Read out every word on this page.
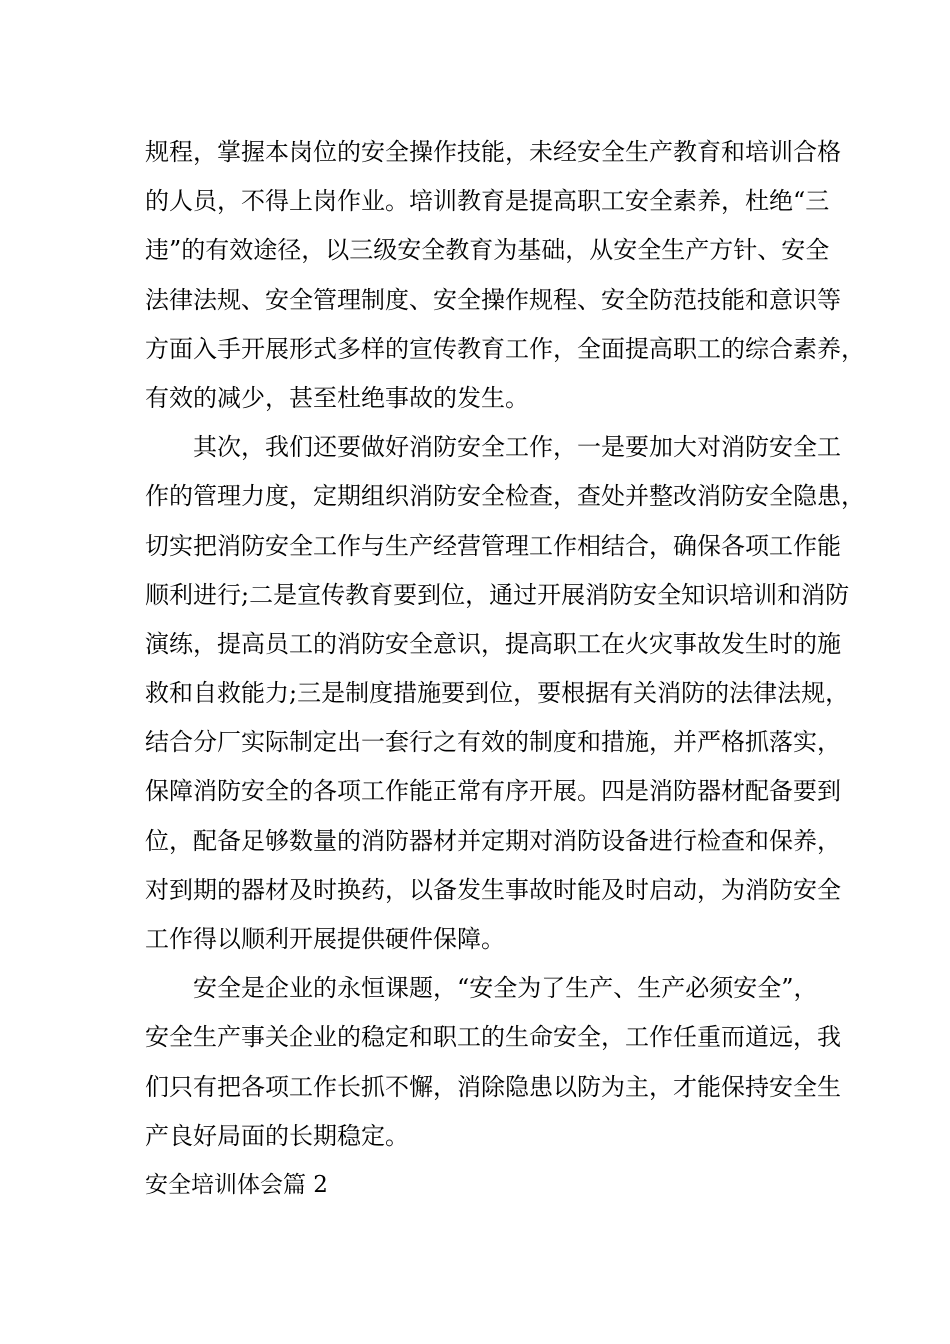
规程，掌握本岗位的安全操作技能，未经安全生产教育和培训合格
的人员，不得上岗作业。培训教育是提高职工安全素养，杜绝“三
违”的有效途径，以三级安全教育为基础，从安全生产方针、安全
法律法规、安全管理制度、安全操作规程、安全防范技能和意识等
方面入手开展形式多样的宣传教育工作，全面提高职工的综合素养，
有效的减少，甚至杜绝事故的发生。
其次，我们还要做好消防安全工作，一是要加大对消防安全工
作的管理力度，定期组织消防安全检查，查处并整改消防安全隐患，
切实把消防安全工作与生产经营管理工作相结合，确保各项工作能
顺利进行;二是宣传教育要到位，通过开展消防安全知识培训和消防
演练，提高员工的消防安全意识，提高职工在火灾事故发生时的施
救和自救能力;三是制度措施要到位，要根据有关消防的法律法规，
结合分厂实际制定出一套行之有效的制度和措施，并严格抓落实，
保障消防安全的各项工作能正常有序开展。四是消防器材配备要到
位，配备足够数量的消防器材并定期对消防设备进行检查和保养，
对到期的器材及时换药，以备发生事故时能及时启动，为消防安全
工作得以顺利开展提供硬件保障。
安全是企业的永恒课题，“安全为了生产、生产必须安全”，
安全生产事关企业的稳定和职工的生命安全，工作任重而道远，我
们只有把各项工作长抓不懈，消除隐患以防为主，才能保持安全生
产良好局面的长期稳定。
安全培训体会篇 2
